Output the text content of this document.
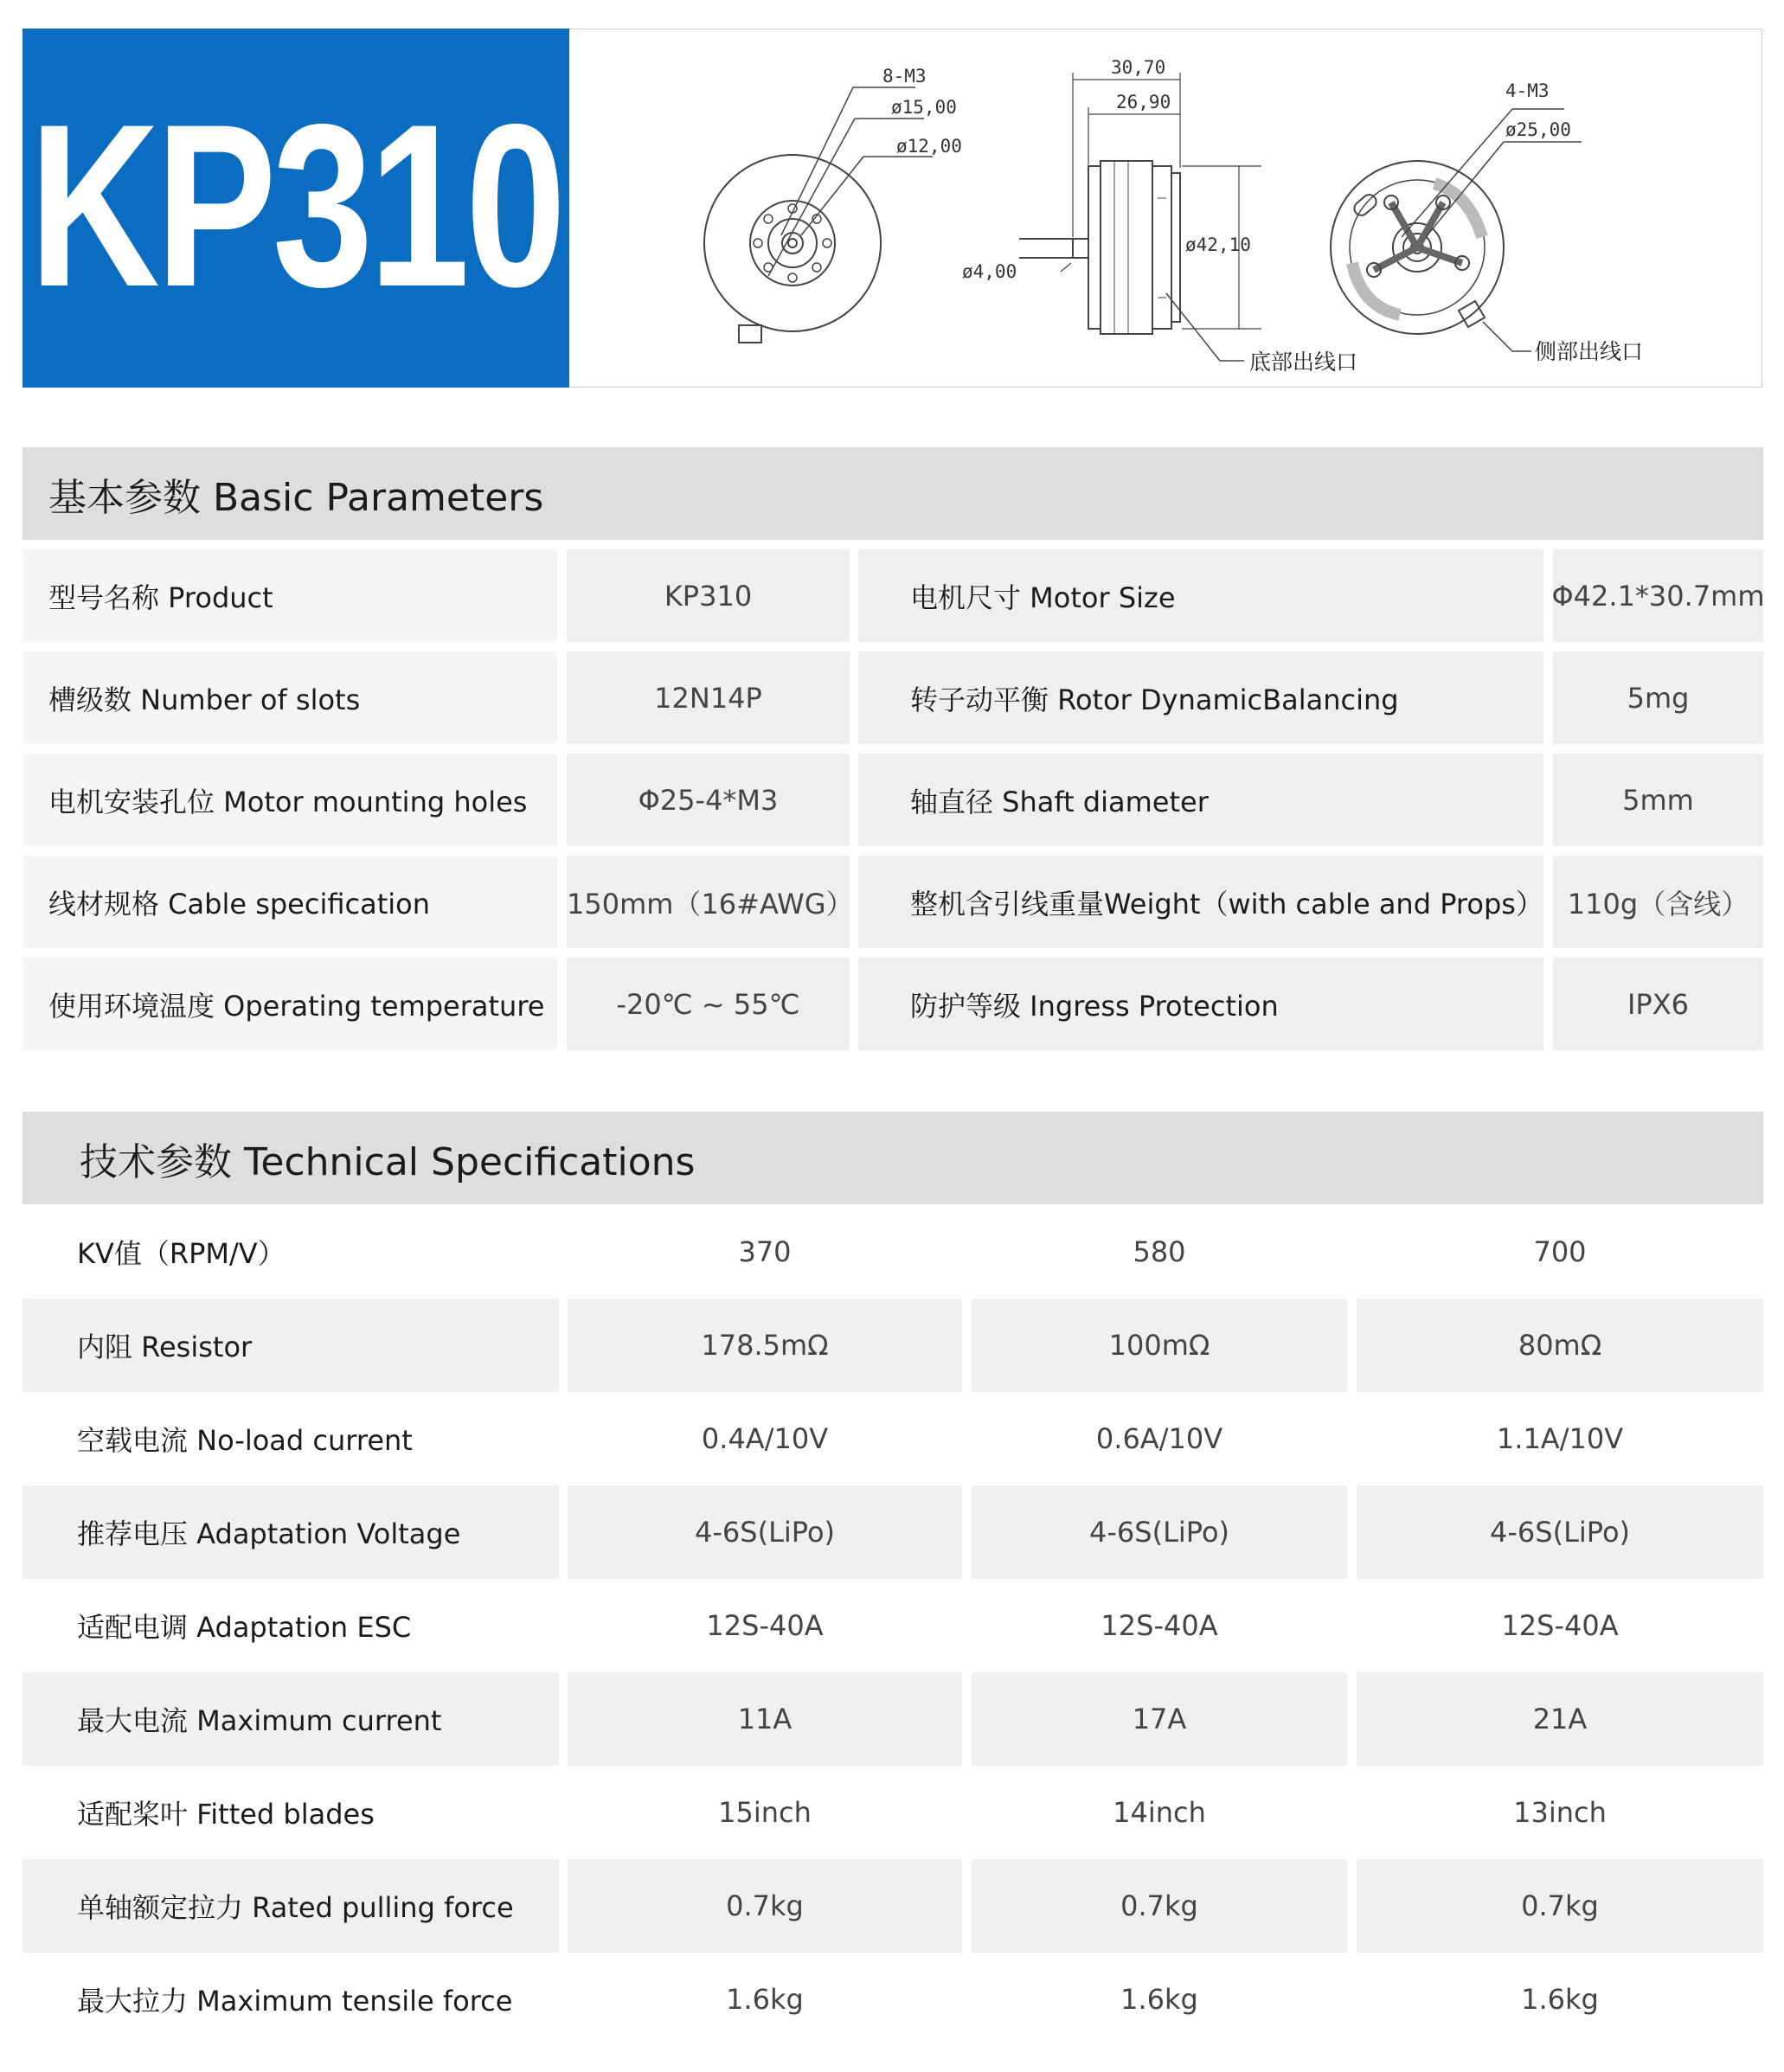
KP310	8-M3
ø15,00
ø12,00
30,70
26,90
ø4,00
ø42,10
底部出线口
4-M3
ø25,00
侧部出线口
基本参数 Basic Parameters
型号名称 Product	KP310	电机尺寸 Motor Size	Φ42.1*30.7mm
槽级数 Number of slots	12N14P	转子动平衡 Rotor DynamicBalancing	5mg
电机安装孔位 Motor mounting holes	Φ25-4*M3	轴直径 Shaft diameter	5mm
线材规格 Cable specification	150mm（16#AWG）	整机含引线重量Weight（with cable and Props） 110g（含线）
使用环境温度 Operating temperature	-20℃ ~ 55℃	防护等级 Ingress Protection	IPX6
技术参数 Technical Specifications
KV值（RPM/V）	370	580	700
内阻 Resistor	178.5mΩ	100mΩ	80mΩ
空载电流 No-load current	0.4A/10V	0.6A/10V	1.1A/10V
推荐电压 Adaptation Voltage	4-6S(LiPo)	4-6S(LiPo)	4-6S(LiPo)
适配电调 Adaptation ESC	12S-40A	12S-40A	12S-40A
最大电流 Maximum current	11A	17A	21A
适配桨叶 Fitted blades	15inch	14inch	13inch
单轴额定拉力 Rated pulling force	0.7kg	0.7kg	0.7kg
最大拉力 Maximum tensile force	1.6kg	1.6kg	1.6kg
